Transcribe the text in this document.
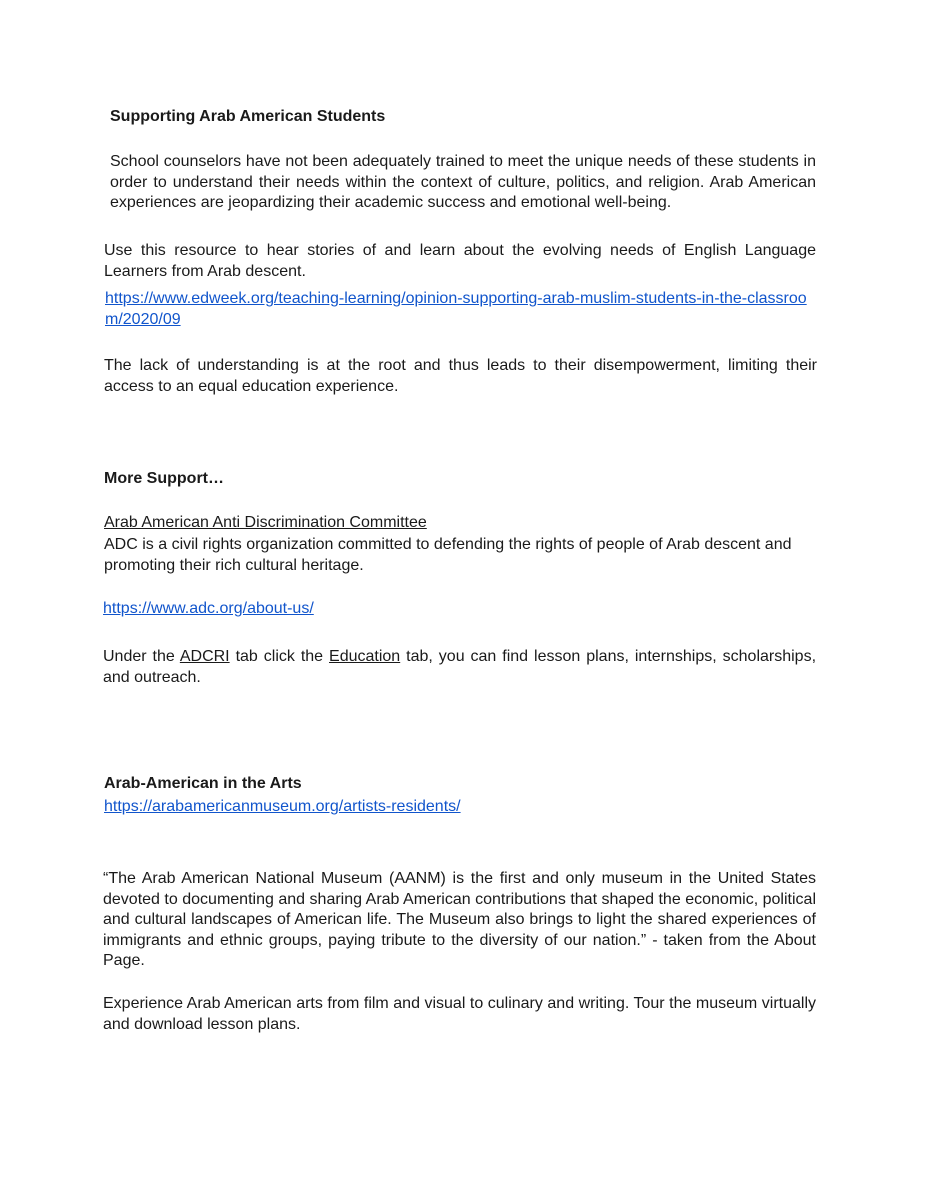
Supporting Arab American Students

School counselors have not been adequately trained to meet the unique needs of these students in order to understand their needs within the context of culture, politics, and religion. Arab American experiences are jeopardizing their academic success and emotional well-being.

Use this resource to hear stories of and learn about the evolving needs of English Language Learners from Arab descent.

https://www.edweek.org/teaching-learning/opinion-supporting-arab-muslim-students-in-the-classroom/2020/09

The lack of understanding is at the root and thus leads to their disempowerment, limiting their access to an equal education experience.

More Support…
Arab American Anti Discrimination Committee

ADC is a civil rights organization committed to defending the rights of people of Arab descent and promoting their rich cultural heritage.

https://www.adc.org/about-us/

Under the ADCRI tab click the Education tab, you can find lesson plans, internships, scholarships, and outreach.

Arab-American in the Arts
https://arabamericanmuseum.org/artists-residents/

“The Arab American National Museum (AANM) is the first and only museum in the United States devoted to documenting and sharing Arab American contributions that shaped the economic, political and cultural landscapes of American life. The Museum also brings to light the shared experiences of immigrants and ethnic groups, paying tribute to the diversity of our nation.” - taken from the About Page.

Experience Arab American arts from film and visual to culinary and writing. Tour the museum virtually and download lesson plans.
